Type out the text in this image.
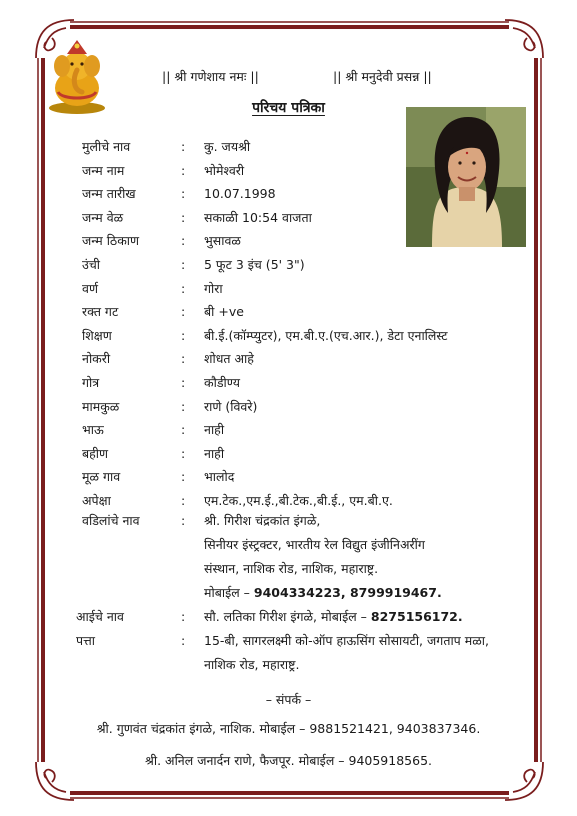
|| श्री गणेशाय नमः ||	|| श्री मनुदेवी प्रसन्न ||
परिचय पत्रिका
मुलीचे नाव	: कु. जयश्री
जन्म नाम	: भोमेश्वरी
जन्म तारीख	: 10.07.1998
जन्म वेळ	: सकाळी 10:54 वाजता
जन्म ठिकाण	: भुसावळ
उंची	: 5 फूट 3 इंच (5' 3")
वर्ण	: गोरा
रक्त गट	: बी +ve
शिक्षण	: बी.ई.(कॉम्प्युटर), एम.बी.ए.(एच.आर.), डेटा एनालिस्ट
नोकरी	: शोधत आहे
गोत्र	: कौडीण्य
मामकुळ	: राणे (विवरे)
भाऊ	: नाही
बहीण	: नाही
मूळ गाव	: भालोद
अपेक्षा	: एम.टेक.,एम.ई.,बी.टेक.,बी.ई., एम.बी.ए.
वडिलांचे नाव	: श्री. गिरीश चंद्रकांत इंगळे,
सिनीयर इंस्ट्रक्टर, भारतीय रेल विद्युत इंजीनिअरींग
संस्थान, नाशिक रोड, नाशिक, महाराष्ट्र.
मोबाईल – 9404334223, 8799919467.
आईचे नाव	: सौ. लतिका गिरीश इंगळे, मोबाईल – 8275156172.
पत्ता	: 15-बी, सागरलक्ष्मी को-ऑप हाऊसिंग सोसायटी, जगताप मळा,
नाशिक रोड, महाराष्ट्र.
– संपर्क –
श्री. गुणवंत चंद्रकांत इंगळे, नाशिक. मोबाईल – 9881521421, 9403837346.
श्री. अनिल जनार्दन राणे, फैजपूर. मोबाईल – 9405918565.
